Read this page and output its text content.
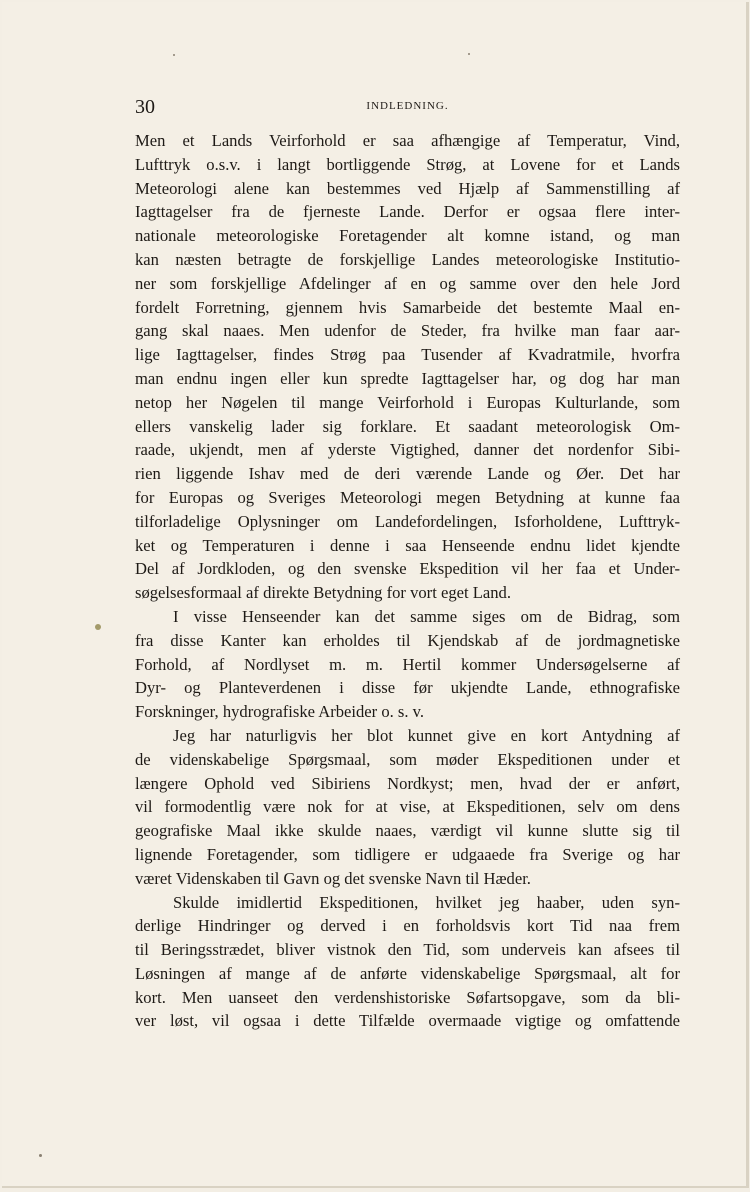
30	INDLEDNING.
Men et Lands Veirforhold er saa afhængige af Temperatur, Vind,
Lufttryk o.s.v. i langt bortliggende Strøg, at Lovene for et Lands
Meteorologi alene kan bestemmes ved Hjælp af Sammenstilling af
Iagttagelser fra de fjerneste Lande. Derfor er ogsaa flere inter-
nationale meteorologiske Foretagender alt komne istand, og man
kan næsten betragte de forskjellige Landes meteorologiske Institutio-
ner som forskjellige Afdelinger af en og samme over den hele Jord
fordelt Forretning, gjennem hvis Samarbeide det bestemte Maal en-
gang skal naaes. Men udenfor de Steder, fra hvilke man faar aar-
lige Iagttagelser, findes Strøg paa Tusender af Kvadratmile, hvorfra
man endnu ingen eller kun spredte Iagttagelser har, og dog har man
netop her Nøgelen til mange Veirforhold i Europas Kulturlande, som
ellers vanskelig lader sig forklare. Et saadant meteorologisk Om-
raade, ukjendt, men af yderste Vigtighed, danner det nordenfor Sibi-
rien liggende Ishav med de deri værende Lande og Øer. Det har
for Europas og Sveriges Meteorologi megen Betydning at kunne faa
tilforladelige Oplysninger om Landefordelingen, Isforholdene, Lufttryk-
ket og Temperaturen i denne i saa Henseende endnu lidet kjendte
Del af Jordkloden, og den svenske Ekspedition vil her faa et Under-
søgelsesformaal af direkte Betydning for vort eget Land.
I visse Henseender kan det samme siges om de Bidrag, som
fra disse Kanter kan erholdes til Kjendskab af de jordmagnetiske
Forhold, af Nordlyset m. m. Hertil kommer Undersøgelserne af
Dyr- og Planteverdenen i disse før ukjendte Lande, ethnografiske
Forskninger, hydrografiske Arbeider o. s. v.
Jeg har naturligvis her blot kunnet give en kort Antydning af
de videnskabelige Spørgsmaal, som møder Ekspeditionen under et
længere Ophold ved Sibiriens Nordkyst; men, hvad der er anført,
vil formodentlig være nok for at vise, at Ekspeditionen, selv om dens
geografiske Maal ikke skulde naaes, værdigt vil kunne slutte sig til
lignende Foretagender, som tidligere er udgaaede fra Sverige og har
været Videnskaben til Gavn og det svenske Navn til Hæder.
Skulde imidlertid Ekspeditionen, hvilket jeg haaber, uden syn-
derlige Hindringer og derved i en forholdsvis kort Tid naa frem
til Beringsstrædet, bliver vistnok den Tid, som underveis kan afsees til
Løsningen af mange af de anførte videnskabelige Spørgsmaal, alt for
kort. Men uanseet den verdenshistoriske Søfartsopgave, som da bli-
ver løst, vil ogsaa i dette Tilfælde overmaade vigtige og omfattende
